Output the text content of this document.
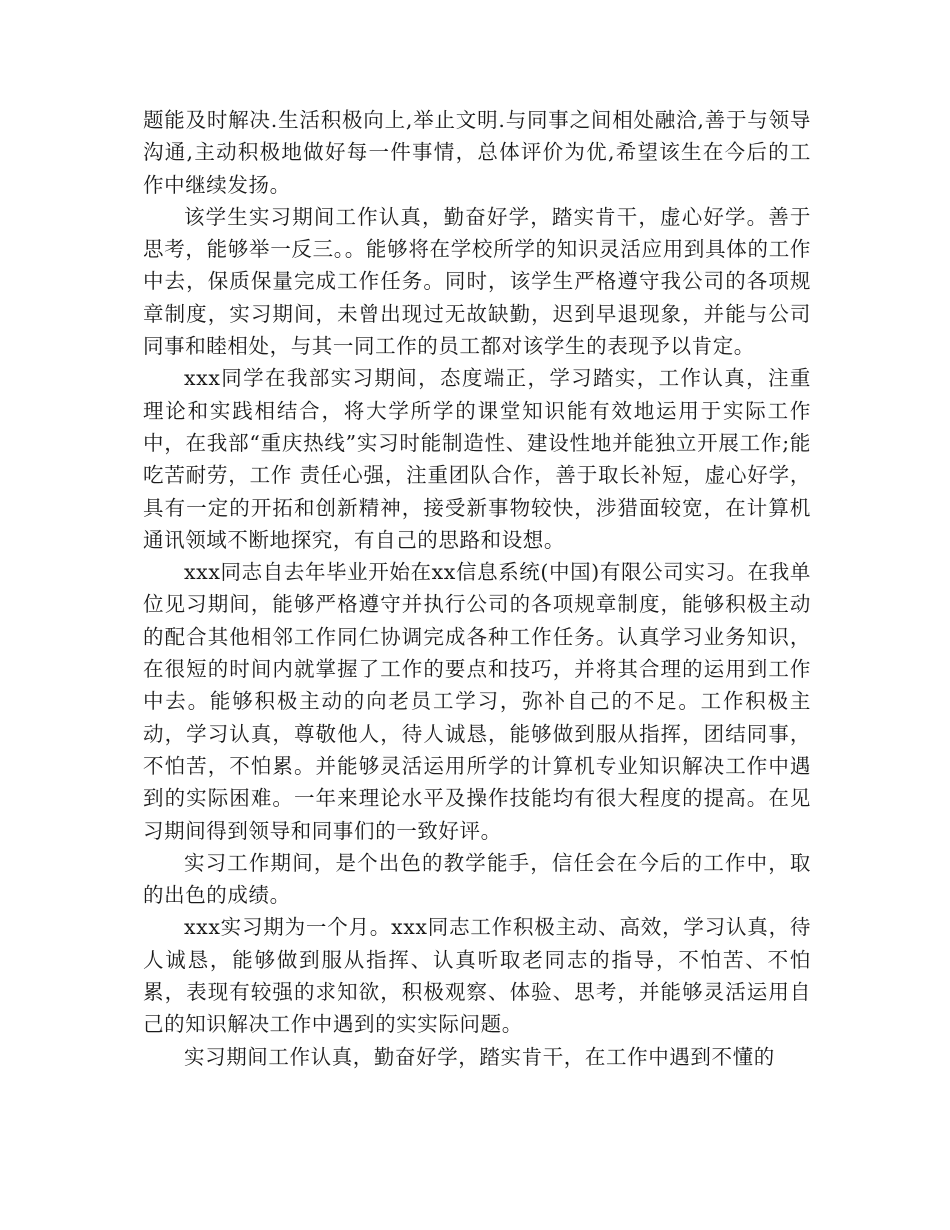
题能及时解决.生活积极向上,举止文明.与同事之间相处融洽,善于与领导沟通,主动积极地做好每一件事情，总体评价为优,希望该生在今后的工作中继续发扬。

该学生实习期间工作认真，勤奋好学，踏实肯干，虚心好学。善于思考，能够举一反三。。能够将在学校所学的知识灵活应用到具体的工作中去，保质保量完成工作任务。同时，该学生严格遵守我公司的各项规章制度，实习期间，未曾出现过无故缺勤，迟到早退现象，并能与公司同事和睦相处，与其一同工作的员工都对该学生的表现予以肯定。

xxx同学在我部实习期间，态度端正，学习踏实，工作认真，注重理论和实践相结合，将大学所学的课堂知识能有效地运用于实际工作中，在我部“重庆热线”实习时能制造性、建设性地并能独立开展工作;能吃苦耐劳，工作 责任心强，注重团队合作，善于取长补短，虚心好学，具有一定的开拓和创新精神，接受新事物较快，涉猎面较宽，在计算机通讯领域不断地探究，有自己的思路和设想。

xxx同志自去年毕业开始在xx信息系统(中国)有限公司实习。在我单位见习期间，能够严格遵守并执行公司的各项规章制度，能够积极主动的配合其他相邻工作同仁协调完成各种工作任务。认真学习业务知识，在很短的时间内就掌握了工作的要点和技巧，并将其合理的运用到工作中去。能够积极主动的向老员工学习，弥补自己的不足。工作积极主动，学习认真，尊敬他人，待人诚恳，能够做到服从指挥，团结同事，不怕苦，不怕累。并能够灵活运用所学的计算机专业知识解决工作中遇到的实际困难。一年来理论水平及操作技能均有很大程度的提高。在见习期间得到领导和同事们的一致好评。

实习工作期间，是个出色的教学能手，信任会在今后的工作中，取的出色的成绩。

xxx实习期为一个月。xxx同志工作积极主动、高效，学习认真，待人诚恳，能够做到服从指挥、认真听取老同志的指导，不怕苦、不怕累，表现有较强的求知欲，积极观察、体验、思考，并能够灵活运用自己的知识解决工作中遇到的实实际问题。

实习期间工作认真，勤奋好学，踏实肯干，在工作中遇到不懂的
